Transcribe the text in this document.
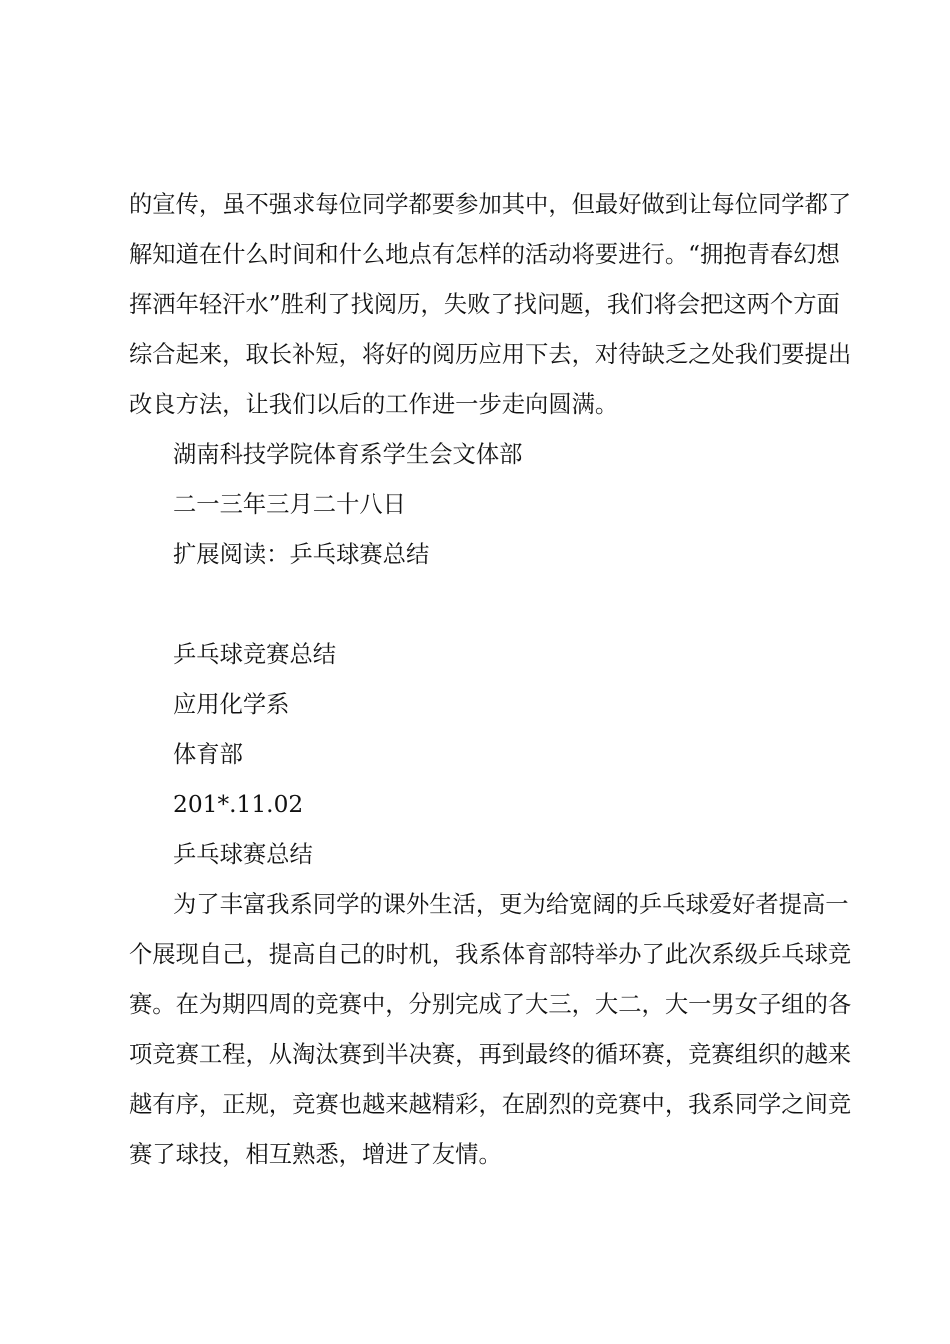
的宣传，虽不强求每位同学都要参加其中，但最好做到让每位同学都了
解知道在什么时间和什么地点有怎样的活动将要进行。“拥抱青春幻想
挥洒年轻汗水”胜利了找阅历，失败了找问题，我们将会把这两个方面
综合起来，取长补短，将好的阅历应用下去，对待缺乏之处我们要提出
改良方法，让我们以后的工作进一步走向圆满。
湖南科技学院体育系学生会文体部
二一三年三月二十八日
扩展阅读：乒乓球赛总结
乒乓球竞赛总结
应用化学系
体育部
201*.11.02
乒乓球赛总结
为了丰富我系同学的课外生活，更为给宽阔的乒乓球爱好者提高一
个展现自己，提高自己的时机，我系体育部特举办了此次系级乒乓球竞
赛。在为期四周的竞赛中，分别完成了大三，大二，大一男女子组的各
项竞赛工程，从淘汰赛到半决赛，再到最终的循环赛，竞赛组织的越来
越有序，正规，竞赛也越来越精彩，在剧烈的竞赛中，我系同学之间竞
赛了球技，相互熟悉，增进了友情。
